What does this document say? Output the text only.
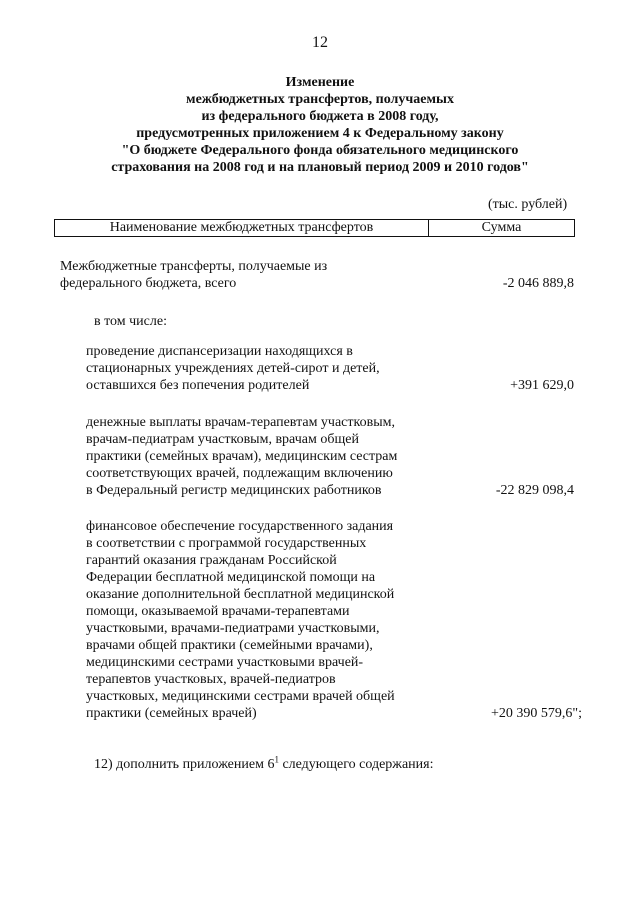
12
Изменение
межбюджетных трансфертов, получаемых
из федерального бюджета в 2008 году,
предусмотренных приложением 4 к Федеральному закону
"О бюджете Федерального фонда обязательного медицинского
страхования на 2008 год и на плановый период 2009 и 2010 годов"
(тыс. рублей)
Наименование межбюджетных трансфертов	Сумма
Межбюджетные трансферты, получаемые из
федерального бюджета, всего	-2 046 889,8
в том числе:
проведение диспансеризации находящихся в
стационарных учреждениях детей-сирот и детей,
оставшихся без попечения родителей	+391 629,0
денежные выплаты врачам-терапевтам участковым,
врачам-педиатрам участковым, врачам общей
практики (семейных врачам), медицинским сестрам
соответствующих врачей, подлежащим включению
в Федеральный регистр медицинских работников	-22 829 098,4
финансовое обеспечение государственного задания
в соответствии с программой государственных
гарантий оказания гражданам Российской
Федерации бесплатной медицинской помощи на
оказание дополнительной бесплатной медицинской
помощи, оказываемой врачами-терапевтами
участковыми, врачами-педиатрами участковыми,
врачами общей практики (семейными врачами),
медицинскими сестрами участковыми врачей-
терапевтов участковых, врачей-педиатров
участковых, медицинскими сестрами врачей общей
практики (семейных врачей)	+20 390 579,6";
12) дополнить приложением $6^1$ следующего содержания:
